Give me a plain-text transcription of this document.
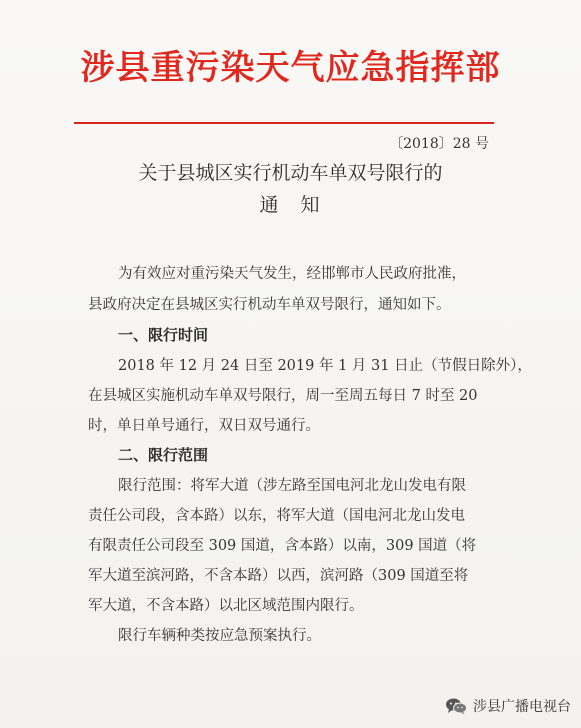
涉县重污染天气应急指挥部
〔2018〕28 号
关于县城区实行机动车单双号限行的
通知
为有效应对重污染天气发生，经邯郸市人民政府批准，
县政府决定在县城区实行机动车单双号限行，通知如下。
一、限行时间
2018 年 12 月 24 日至 2019 年 1 月 31 日止（节假日除外），
在县城区实施机动车单双号限行，周一至周五每日 7 时至 20
时，单日单号通行，双日双号通行。
二、限行范围
限行范围：将军大道（涉左路至国电河北龙山发电有限
责任公司段，含本路）以东，将军大道（国电河北龙山发电
有限责任公司段至 309 国道，含本路）以南，309 国道（将
军大道至滨河路，不含本路）以西，滨河路（309 国道至将
军大道，不含本路）以北区域范围内限行。
限行车辆种类按应急预案执行。
涉县广播电视台
